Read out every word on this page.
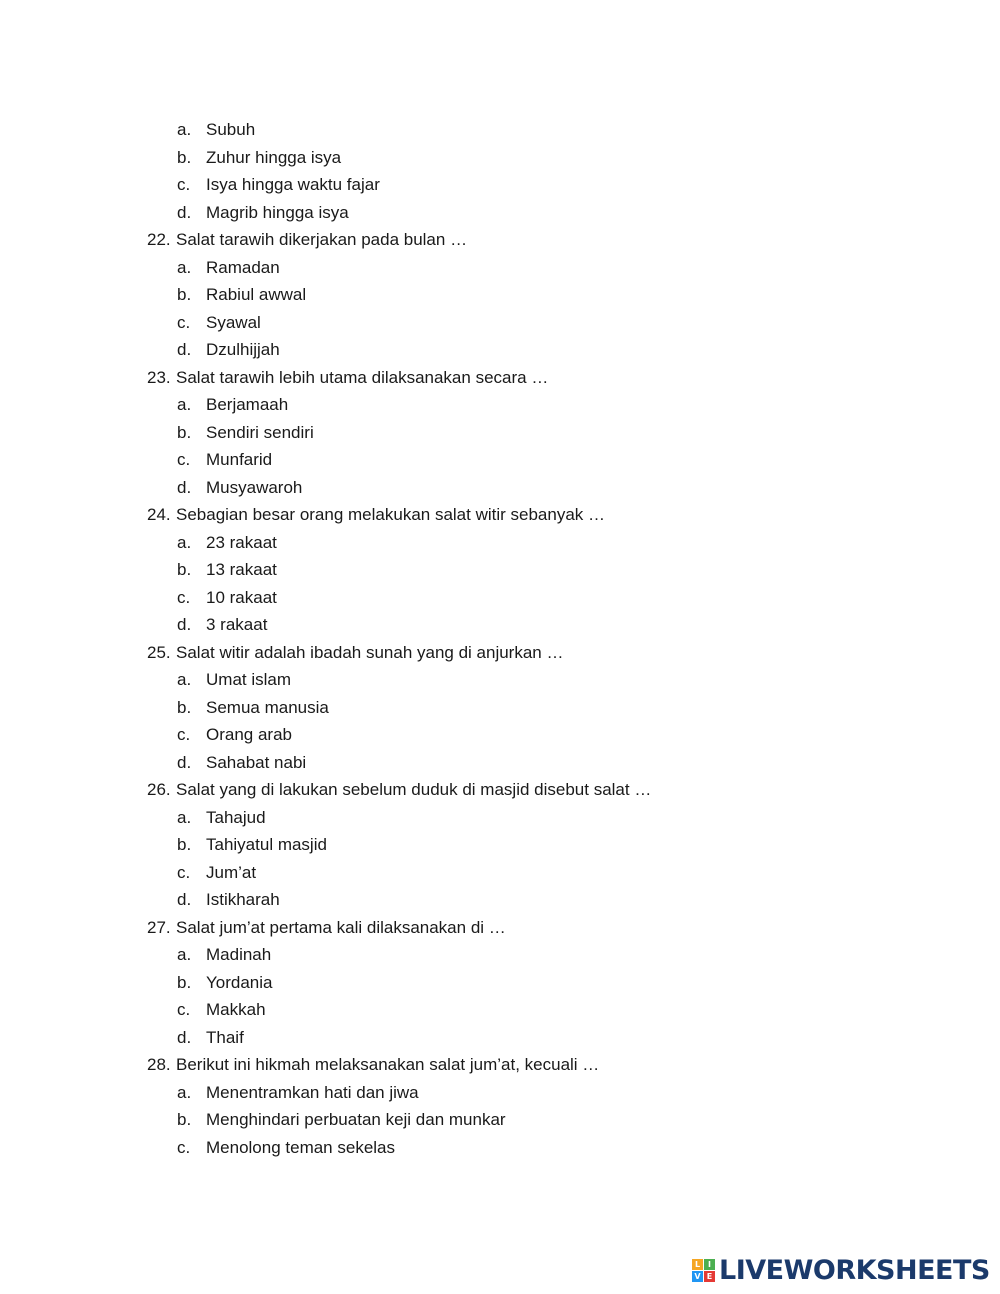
a. Subuh
b. Zuhur hingga isya
c. Isya hingga waktu fajar
d. Magrib hingga isya
22. Salat tarawih dikerjakan pada bulan …
a. Ramadan
b. Rabiul awwal
c. Syawal
d. Dzulhijjah
23. Salat tarawih lebih utama dilaksanakan secara …
a. Berjamaah
b. Sendiri sendiri
c. Munfarid
d. Musyawaroh
24. Sebagian besar orang melakukan salat witir sebanyak …
a. 23 rakaat
b. 13 rakaat
c. 10 rakaat
d. 3 rakaat
25. Salat witir adalah ibadah sunah yang di anjurkan …
a. Umat islam
b. Semua manusia
c. Orang arab
d. Sahabat nabi
26. Salat yang di lakukan sebelum duduk di masjid disebut salat …
a. Tahajud
b. Tahiyatul masjid
c. Jum’at
d. Istikharah
27. Salat jum’at pertama kali dilaksanakan di …
a. Madinah
b. Yordania
c. Makkah
d. Thaif
28. Berikut ini hikmah melaksanakan salat jum’at, kecuali …
a. Menentramkan hati dan jiwa
b. Menghindari perbuatan keji dan munkar
c. Menolong teman sekelas
L I
V E LIVEWORKSHEETS
